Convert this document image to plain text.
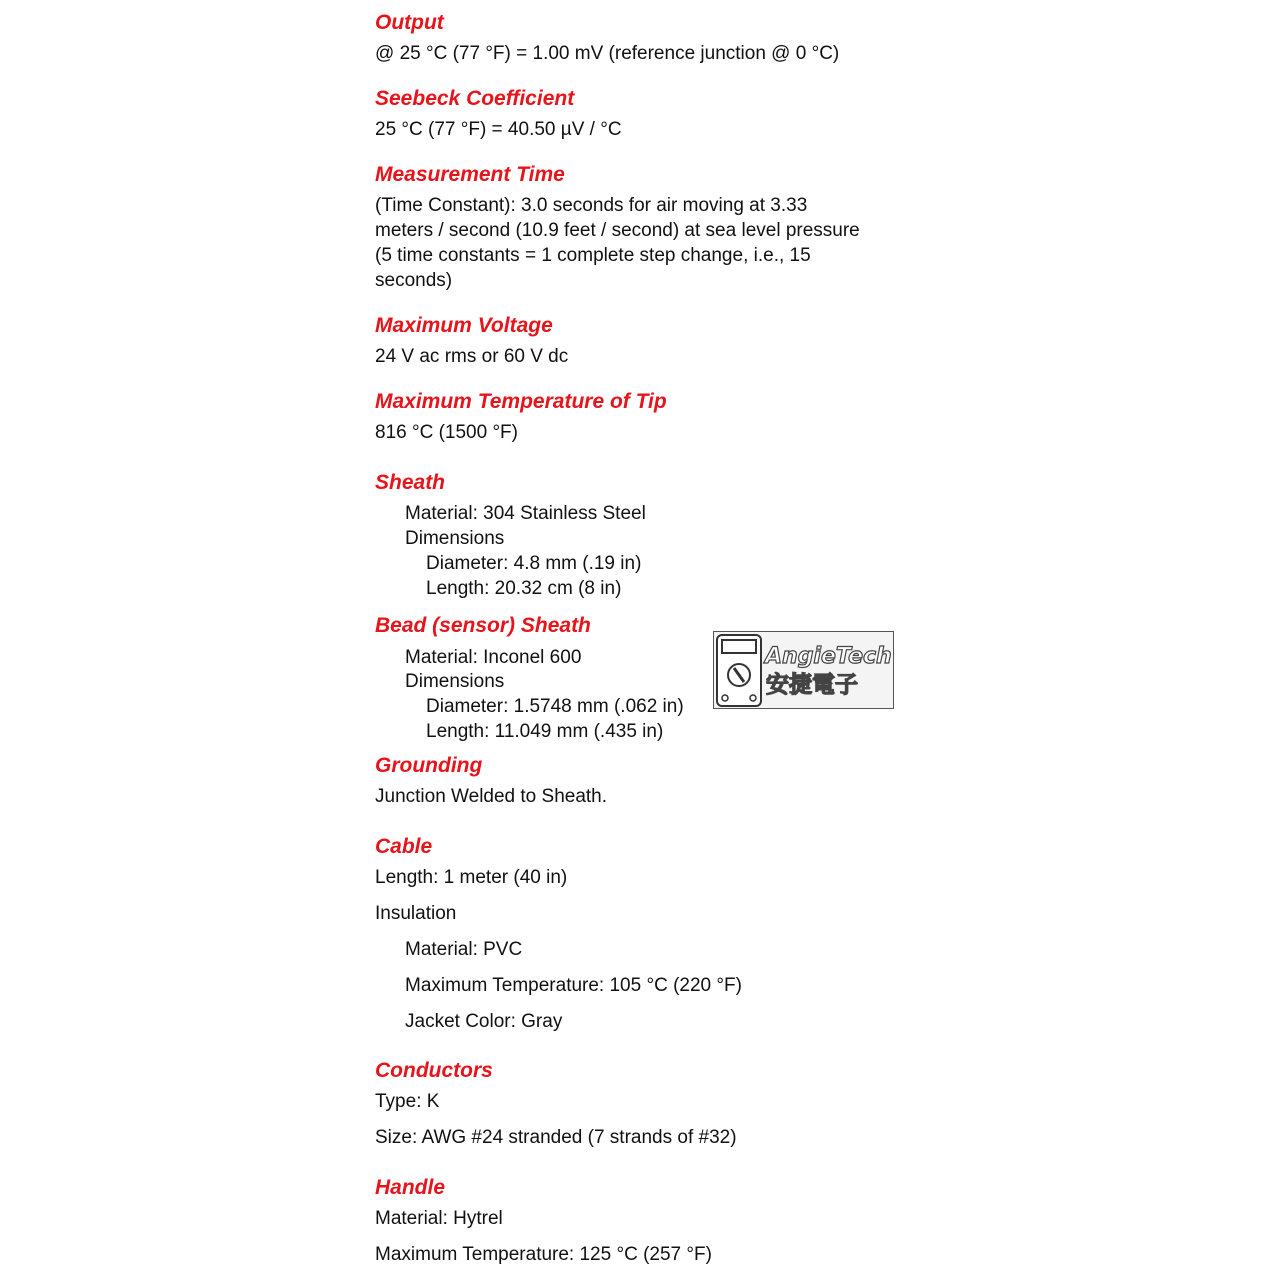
Output
@ 25 °C (77 °F) = 1.00 mV (reference junction @ 0 °C)
Seebeck Coefficient
25 °C (77 °F) = 40.50 µV / °C
Measurement Time
(Time Constant): 3.0 seconds for air moving at 3.33
meters / second (10.9 feet / second) at sea level pressure
(5 time constants = 1 complete step change, i.e., 15
seconds)
Maximum Voltage
24 V ac rms or 60 V dc
Maximum Temperature of Tip
816 °C (1500 °F)
Sheath
Material: 304 Stainless Steel
Dimensions
Diameter: 4.8 mm (.19 in)
Length: 20.32 cm (8 in)
Bead (sensor) Sheath
Material: Inconel 600
Dimensions
Diameter: 1.5748 mm (.062 in)
Length: 11.049 mm (.435 in)
AngieTech
安捷電子
Grounding
Junction Welded to Sheath.
Cable
Length: 1 meter (40 in)
Insulation
Material: PVC
Maximum Temperature: 105 °C (220 °F)
Jacket Color: Gray
Conductors
Type: K
Size: AWG #24 stranded (7 strands of #32)
Handle
Material: Hytrel
Maximum Temperature: 125 °C (257 °F)
